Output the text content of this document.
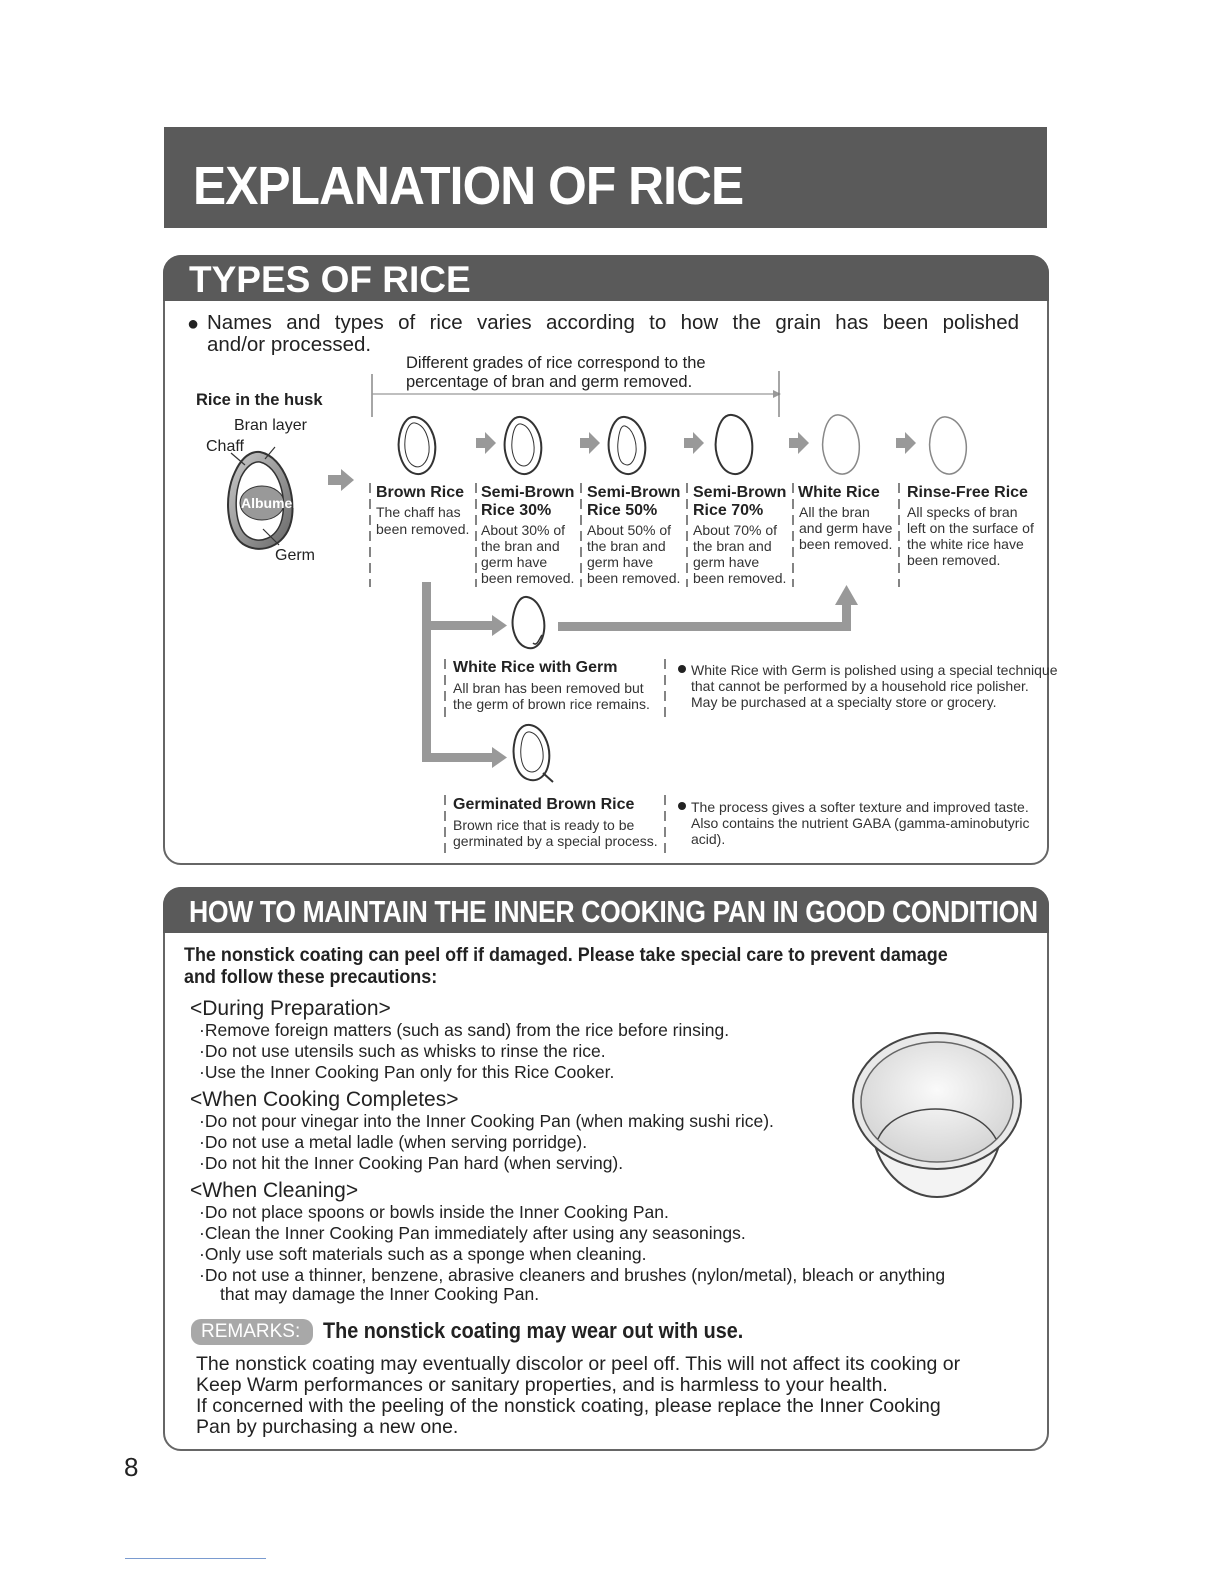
EXPLANATION OF RICE
TYPES OF RICE
● Names and types of rice varies according to how the grain has been polished
and/or processed.
Different grades of rice correspond to the
percentage of bran and germ removed.
Rice in the husk
Bran layer
Chaff
Germ
Brown Rice
The chaff has
been removed.
Semi-Brown
Rice 30%
About 30% of
the bran and
germ have
been removed.
Semi-Brown
Rice 50%
About 50% of
the bran and
germ have
been removed.
Semi-Brown
Rice 70%
About 70% of
the bran and
germ have
been removed.
White Rice
All the bran
and germ have
been removed.
Rinse-Free Rice
All specks of bran
left on the surface of
the white rice have
been removed.
White Rice with Germ
All bran has been removed but
the germ of brown rice remains.
White Rice with Germ is polished using a special technique
that cannot be performed by a household rice polisher.
May be purchased at a specialty store or grocery.
Germinated Brown Rice
Brown rice that is ready to be
germinated by a special process.
The process gives a softer texture and improved taste.
Also contains the nutrient GABA (gamma-aminobutyric
acid).
Albumen
HOW TO MAINTAIN THE INNER COOKING PAN IN GOOD CONDITION
The nonstick coating can peel off if damaged. Please take special care to prevent damage
and follow these precautions:
<During Preparation>
·Remove foreign matters (such as sand) from the rice before rinsing.
·Do not use utensils such as whisks to rinse the rice.
·Use the Inner Cooking Pan only for this Rice Cooker.
<When Cooking Completes>
·Do not pour vinegar into the Inner Cooking Pan (when making sushi rice).
·Do not use a metal ladle (when serving porridge).
·Do not hit the Inner Cooking Pan hard (when serving).
<When Cleaning>
·Do not place spoons or bowls inside the Inner Cooking Pan.
·Clean the Inner Cooking Pan immediately after using any seasonings.
·Only use soft materials such as a sponge when cleaning.
·Do not use a thinner, benzene, abrasive cleaners and brushes (nylon/metal), bleach or anything
that may damage the Inner Cooking Pan.
REMARKS: The nonstick coating may wear out with use.
The nonstick coating may eventually discolor or peel off. This will not affect its cooking or
Keep Warm performances or sanitary properties, and is harmless to your health.
If concerned with the peeling of the nonstick coating, please replace the Inner Cooking
Pan by purchasing a new one.
8
